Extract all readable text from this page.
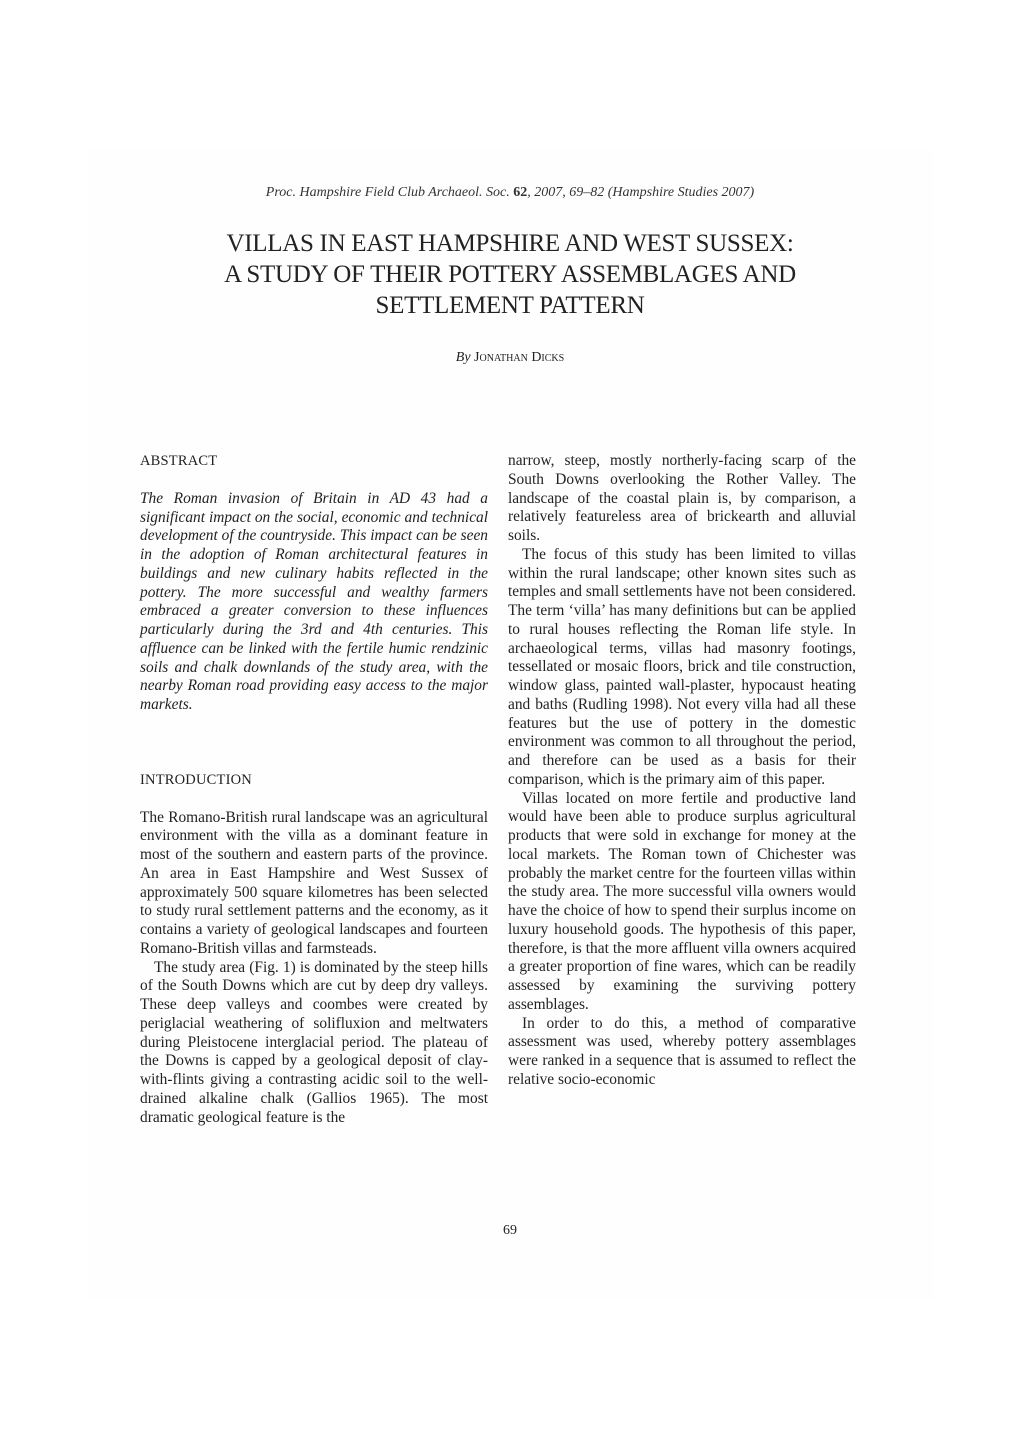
Proc. Hampshire Field Club Archaeol. Soc. 62, 2007, 69–82 (Hampshire Studies 2007)
VILLAS IN EAST HAMPSHIRE AND WEST SUSSEX:
A STUDY OF THEIR POTTERY ASSEMBLAGES AND
SETTLEMENT PATTERN
By Jonathan Dicks
ABSTRACT

The Roman invasion of Britain in AD 43 had a significant impact on the social, economic and technical development of the countryside. This impact can be seen in the adoption of Roman architectural features in buildings and new culinary habits reflected in the pottery. The more successful and wealthy farmers embraced a greater conversion to these influences particularly during the 3rd and 4th centuries. This affluence can be linked with the fertile humic rendzinic soils and chalk downlands of the study area, with the nearby Roman road providing easy access to the major markets.

INTRODUCTION

The Romano-British rural landscape was an agricultural environment with the villa as a dominant feature in most of the southern and eastern parts of the province. An area in East Hampshire and West Sussex of approximately 500 square kilometres has been selected to study rural settlement patterns and the economy, as it contains a variety of geological landscapes and fourteen Romano-British villas and farmsteads.

The study area (Fig. 1) is dominated by the steep hills of the South Downs which are cut by deep dry valleys. These deep valleys and coombes were created by periglacial weathering of solifluxion and meltwaters during Pleistocene interglacial period. The plateau of the Downs is capped by a geological deposit of clay-with-flints giving a contrasting acidic soil to the well-drained alkaline chalk (Gallios 1965). The most dramatic geological feature is the

narrow, steep, mostly northerly-facing scarp of the South Downs overlooking the Rother Valley. The landscape of the coastal plain is, by comparison, a relatively featureless area of brickearth and alluvial soils.

The focus of this study has been limited to villas within the rural landscape; other known sites such as temples and small settlements have not been considered. The term ‘villa’ has many definitions but can be applied to rural houses reflecting the Roman life style. In archaeological terms, villas had masonry footings, tessellated or mosaic floors, brick and tile construction, window glass, painted wall-plaster, hypocaust heating and baths (Rudling 1998). Not every villa had all these features but the use of pottery in the domestic environment was common to all throughout the period, and therefore can be used as a basis for their comparison, which is the primary aim of this paper.

Villas located on more fertile and productive land would have been able to produce surplus agricultural products that were sold in exchange for money at the local markets. The Roman town of Chichester was probably the market centre for the fourteen villas within the study area. The more successful villa owners would have the choice of how to spend their surplus income on luxury household goods. The hypothesis of this paper, therefore, is that the more affluent villa owners acquired a greater proportion of fine wares, which can be readily assessed by examining the surviving pottery assemblages.

In order to do this, a method of comparative assessment was used, whereby pottery assemblages were ranked in a sequence that is assumed to reflect the relative socio-economic

69
